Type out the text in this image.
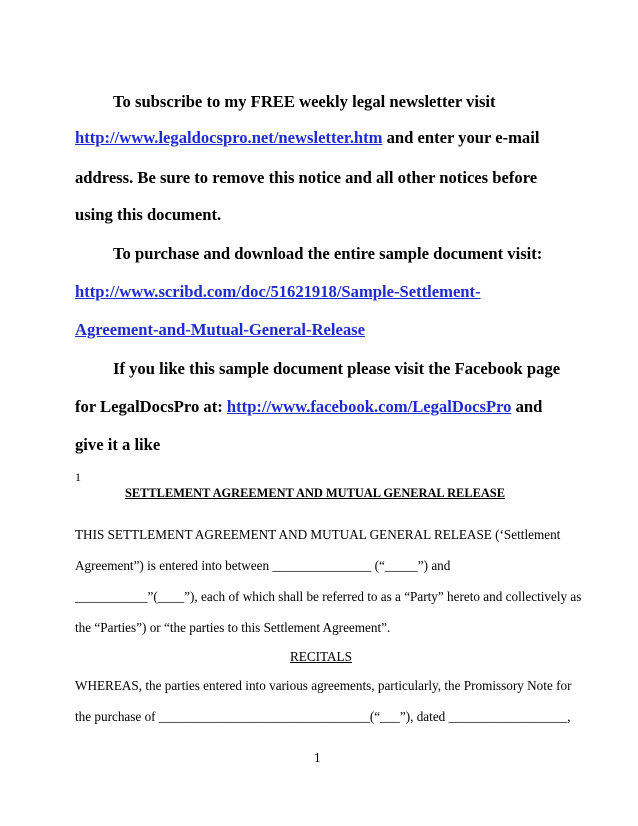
To subscribe to my FREE weekly legal newsletter visit
http://www.legaldocspro.net/newsletter.htm and enter your e-mail
address. Be sure to remove this notice and all other notices before
using this document.
To purchase and download the entire sample document visit:
http://www.scribd.com/doc/51621918/Sample-Settlement-
Agreement-and-Mutual-General-Release
If you like this sample document please visit the Facebook page
for LegalDocsPro at: http://www.facebook.com/LegalDocsPro and
give it a like
1
SETTLEMENT AGREEMENT AND MUTUAL GENERAL RELEASE
THIS SETTLEMENT AGREEMENT AND MUTUAL GENERAL RELEASE (‘Settlement
Agreement”) is entered into between _______________ (“_____”) and
___________”(____”), each of which shall be referred to as a “Party” hereto and collectively as
the “Parties”) or “the parties to this Settlement Agreement”.
RECITALS
WHEREAS, the parties entered into various agreements, particularly, the Promissory Note for
the purchase of ________________________________(“___”), dated __________________,
1
